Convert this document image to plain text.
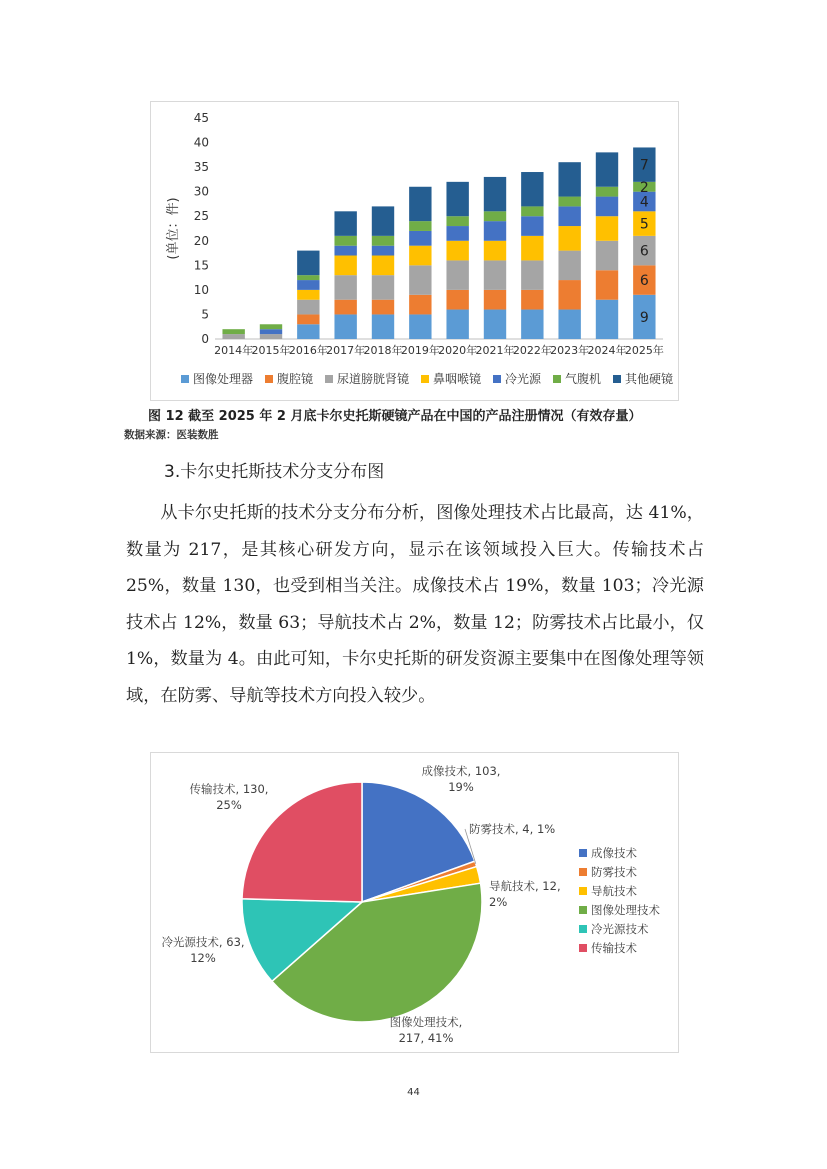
0
5
10
15
20
25
30
35
40
45
(单位：件)
2014年
2015年
2016年
2017年
2018年
2019年
2020年
2021年
2022年
2023年
2024年
2025年
9
6
6
5
4
2
7
图像处理器 腹腔镜 尿道膀胱肾镜 鼻咽喉镜 冷光源 气腹机 其他硬镜
图 12 截至 2025 年 2 月底卡尔史托斯硬镜产品在中国的产品注册情况（有效存量）
数据来源：医装数胜
3.卡尔史托斯技术分支分布图
从卡尔史托斯的技术分支分布分析，图像处理技术占比最高，达 41%，数量为 217，是其核心研发方向，显示在该领域投入巨大。传输技术占 25%，数量 130，也受到相当关注。成像技术占 19%，数量 103；冷光源技术占 12%，数量 63；导航技术占 2%，数量 12；防雾技术占比最小，仅 1%，数量为 4。由此可知，卡尔史托斯的研发资源主要集中在图像处理等领域，在防雾、导航等技术方向投入较少。
成像技术, 103,
19%
防雾技术, 4, 1%
导航技术, 12,
2%
图像处理技术,
217, 41%
冷光源技术, 63,
12%
传输技术, 130,
25%
成像技术
防雾技术
导航技术
图像处理技术
冷光源技术
传输技术
44
